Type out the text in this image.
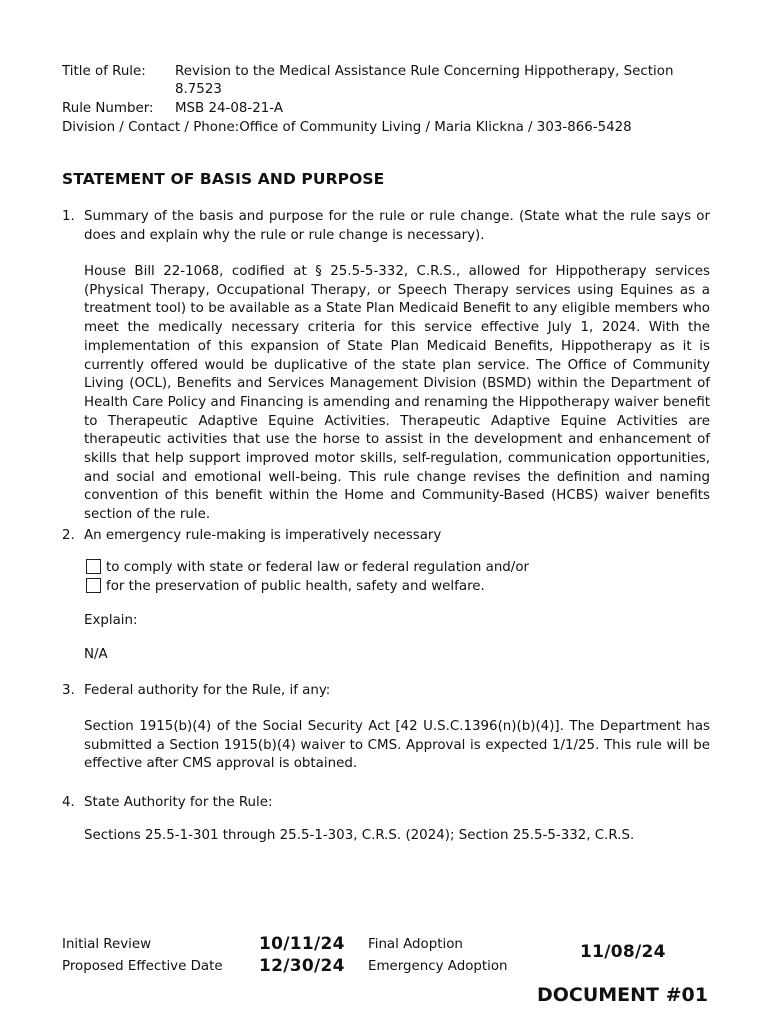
Title of Rule: Revision to the Medical Assistance Rule Concerning Hippotherapy, Section
8.7523
Rule Number: MSB 24-08-21-A
Division / Contact / Phone:Office of Community Living / Maria Klickna / 303-866-5428
STATEMENT OF BASIS AND PURPOSE
1. Summary of the basis and purpose for the rule or rule change. (State what the rule says or does and explain why the rule or rule change is necessary).
House Bill 22-1068, codified at § 25.5-5-332, C.R.S., allowed for Hippotherapy services (Physical Therapy, Occupational Therapy, or Speech Therapy services using Equines as a treatment tool) to be available as a State Plan Medicaid Benefit to any eligible members who meet the medically necessary criteria for this service effective July 1, 2024. With the implementation of this expansion of State Plan Medicaid Benefits, Hippotherapy as it is currently offered would be duplicative of the state plan service. The Office of Community Living (OCL), Benefits and Services Management Division (BSMD) within the Department of Health Care Policy and Financing is amending and renaming the Hippotherapy waiver benefit to Therapeutic Adaptive Equine Activities. Therapeutic Adaptive Equine Activities are therapeutic activities that use the horse to assist in the development and enhancement of skills that help support improved motor skills, self-regulation, communication opportunities, and social and emotional well-being. This rule change revises the definition and naming convention of this benefit within the Home and Community-Based (HCBS) waiver benefits section of the rule.
2. An emergency rule-making is imperatively necessary
to comply with state or federal law or federal regulation and/or
for the preservation of public health, safety and welfare.
Explain:
N/A
3. Federal authority for the Rule, if any:
Section 1915(b)(4) of the Social Security Act [42 U.S.C.1396(n)(b)(4)]. The Department has submitted a Section 1915(b)(4) waiver to CMS. Approval is expected 1/1/25. This rule will be effective after CMS approval is obtained.
4. State Authority for the Rule:
Sections 25.5-1-301 through 25.5-1-303, C.R.S. (2024); Section 25.5-5-332, C.R.S.
Initial Review	10/11/24
Proposed Effective Date 12/30/24
Final Adoption
Emergency Adoption
11/08/24
DOCUMENT #01
